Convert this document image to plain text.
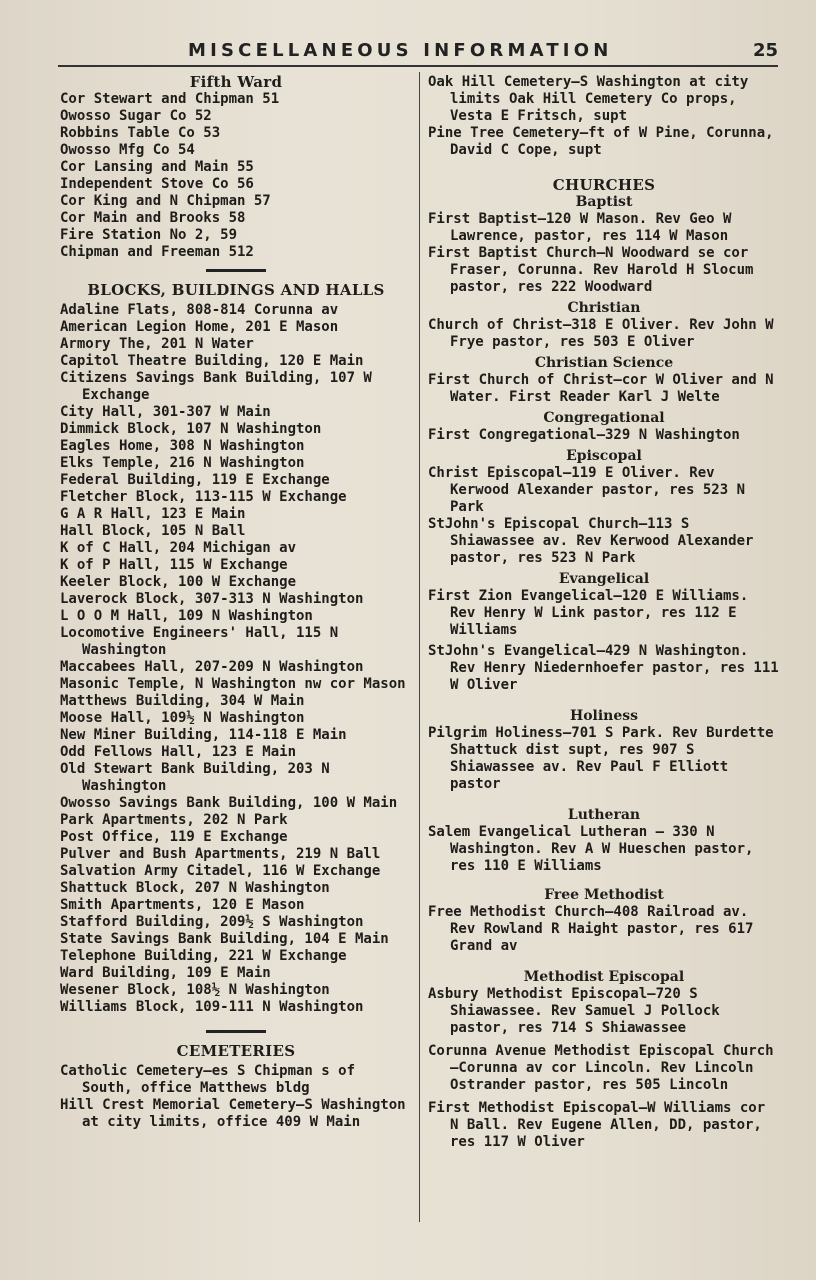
MISCELLANEOUS INFORMATION	25
Fifth Ward
Cor Stewart and Chipman 51
Owosso Sugar Co 52
Robbins Table Co 53
Owosso Mfg Co 54
Cor Lansing and Main 55
Independent Stove Co 56
Cor King and N Chipman 57
Cor Main and Brooks 58
Fire Station No 2, 59
Chipman and Freeman 512
BLOCKS, BUILDINGS AND HALLS
Adaline Flats, 808-814 Corunna av
American Legion Home, 201 E Mason
Armory The, 201 N Water
Capitol Theatre Building, 120 E Main
Citizens Savings Bank Building, 107 W Exchange
City Hall, 301-307 W Main
Dimmick Block, 107 N Washington
Eagles Home, 308 N Washington
Elks Temple, 216 N Washington
Federal Building, 119 E Exchange
Fletcher Block, 113-115 W Exchange
G A R Hall, 123 E Main
Hall Block, 105 N Ball
K of C Hall, 204 Michigan av
K of P Hall, 115 W Exchange
Keeler Block, 100 W Exchange
Laverock Block, 307-313 N Washington
L O O M Hall, 109 N Washington
Locomotive Engineers' Hall, 115 N Washington
Maccabees Hall, 207-209 N Washington
Masonic Temple, N Washington nw cor Mason
Matthews Building, 304 W Main
Moose Hall, 109½ N Washington
New Miner Building, 114-118 E Main
Odd Fellows Hall, 123 E Main
Old Stewart Bank Building, 203 N Washington
Owosso Savings Bank Building, 100 W Main
Park Apartments, 202 N Park
Post Office, 119 E Exchange
Pulver and Bush Apartments, 219 N Ball
Salvation Army Citadel, 116 W Exchange
Shattuck Block, 207 N Washington
Smith Apartments, 120 E Mason
Stafford Building, 209½ S Washington
State Savings Bank Building, 104 E Main
Telephone Building, 221 W Exchange
Ward Building, 109 E Main
Wesener Block, 108½ N Washington
Williams Block, 109-111 N Washington
CEMETERIES
Catholic Cemetery—es S Chipman s of South, office Matthews bldg
Hill Crest Memorial Cemetery—S Washington at city limits, office 409 W Main
Oak Hill Cemetery—S Washington at city limits Oak Hill Cemetery Co props, Vesta E Fritsch, supt
Pine Tree Cemetery—ft of W Pine, Corunna, David C Cope, supt
CHURCHES
Baptist
First Baptist—120 W Mason. Rev Geo W Lawrence, pastor, res 114 W Mason
First Baptist Church—N Woodward se cor Fraser, Corunna. Rev Harold H Slocum pastor, res 222 Woodward
Christian
Church of Christ—318 E Oliver. Rev John W Frye pastor, res 503 E Oliver
Christian Science
First Church of Christ—cor W Oliver and N Water. First Reader Karl J Welte
Congregational
First Congregational—329 N Washington
Episcopal
Christ Episcopal—119 E Oliver. Rev Kerwood Alexander pastor, res 523 N Park
StJohn's Episcopal Church—113 S Shiawassee av. Rev Kerwood Alexander pastor, res 523 N Park
Evangelical
First Zion Evangelical—120 E Williams. Rev Henry W Link pastor, res 112 E Williams
StJohn's Evangelical—429 N Washington. Rev Henry Niedernhoefer pastor, res 111 W Oliver
Holiness
Pilgrim Holiness—701 S Park. Rev Burdette Shattuck dist supt, res 907 S Shiawassee av. Rev Paul F Elliott pastor
Lutheran
Salem Evangelical Lutheran — 330 N Washington. Rev A W Hueschen pastor, res 110 E Williams
Free Methodist
Free Methodist Church—408 Railroad av. Rev Rowland R Haight pastor, res 617 Grand av
Methodist Episcopal
Asbury Methodist Episcopal—720 S Shiawassee. Rev Samuel J Pollock pastor, res 714 S Shiawassee
Corunna Avenue Methodist Episcopal Church—Corunna av cor Lincoln. Rev Lincoln Ostrander pastor, res 505 Lincoln
First Methodist Episcopal—W Williams cor N Ball. Rev Eugene Allen, DD, pastor, res 117 W Oliver
